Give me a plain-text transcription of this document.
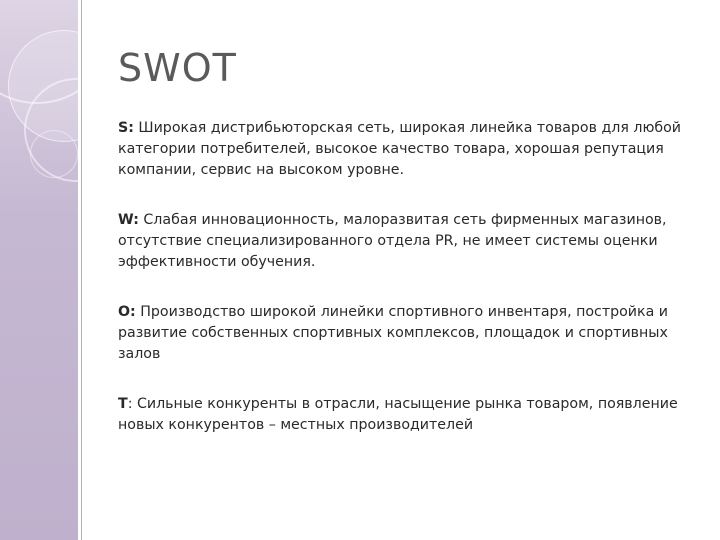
SWOT

S: Широкая дистрибьюторская сеть, широкая линейка товаров для любой категории потребителей, высокое качество товара, хорошая репутация компании, сервис на высоком уровне.

W: Слабая инновационность, малоразвитая сеть фирменных магазинов, отсутствие специализированного отдела PR, не имеет системы оценки эффективности обучения.

O: Производство широкой линейки спортивного инвентаря, постройка и развитие собственных спортивных комплексов, площадок и спортивных залов

T: Сильные конкуренты в отрасли, насыщение рынка товаром, появление новых конкурентов – местных производителей
